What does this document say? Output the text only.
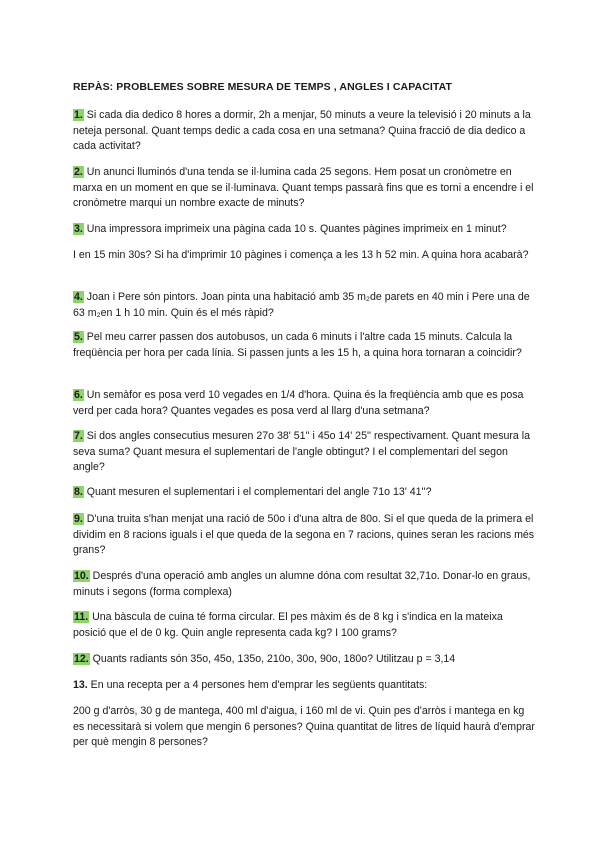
REPÀS: PROBLEMES SOBRE MESURA DE TEMPS , ANGLES I CAPACITAT
1. Si cada dia dedico 8 hores a dormir, 2h a menjar, 50 minuts a veure la televisió i 20 minuts a la neteja personal. Quant temps dedic a cada cosa en una setmana? Quina fracció de dia dedico a cada activitat?
2. Un anunci lluminós d'una tenda se il·lumina cada 25 segons. Hem posat un cronòmetre en marxa en un moment en que se il·luminava. Quant temps passarà fins que es torni a encendre i el cronòmetre marqui un nombre exacte de minuts?
3. Una impressora imprimeix una pàgina cada 10 s. Quantes pàgines imprimeix en 1 minut?
I en 15 min 30s? Si ha d'imprimir 10 pàgines i comença a les 13 h 52 min. A quina hora acabarà?
4. Joan i Pere són pintors. Joan pinta una habitació amb 35 m₂de parets en 40 min i Pere una de 63 m₂en 1 h 10 min. Quin és el més ràpid?
5. Pel meu carrer passen dos autobusos, un cada 6 minuts i l'altre cada 15 minuts. Calcula la freqüència per hora per cada línia. Si passen junts a les 15 h, a quina hora tornaran a coincidir?
6. Un semàfor es posa verd 10 vegades en 1/4 d'hora. Quina és la freqüència amb que es posa verd per cada hora? Quantes vegades es posa verd al llarg d'una setmana?
7. Si dos angles consecutius mesuren 27o 38' 51'' i 45o 14' 25'' respectivament. Quant mesura la seva suma? Quant mesura el suplementari de l'angle obtingut? I el complementari del segon angle?
8. Quant mesuren el suplementari i el complementari del angle 71o 13' 41''?
9. D'una truita s'han menjat una ració de 50o i d'una altra de 80o. Si el que queda de la primera el dividim en 8 racions iguals i el que queda de la segona en 7 racions, quines seran les racions més grans?
10. Després d'una operació amb angles un alumne dóna com resultat 32,71o. Donar-lo en graus, minuts i segons (forma complexa)
11. Una bàscula de cuina té forma circular. El pes màxim és de 8 kg i s'indica en la mateixa posició que el de 0 kg. Quin angle representa cada kg? I 100 grams?
12. Quants radiants són 35o, 45o, 135o, 210o, 30o, 90o, 180o? Utilitzau p = 3,14
13. En una recepta per a 4 persones hem d'emprar les següents quantitats:
200 g d'arròs, 30 g de mantega, 400 ml d'aigua, i 160 ml de vi. Quin pes d'arròs i mantega en kg es necessitarà si volem que mengin 6 persones? Quina quantitat de litres de líquid haurà d'emprar per què mengin 8 persones?
